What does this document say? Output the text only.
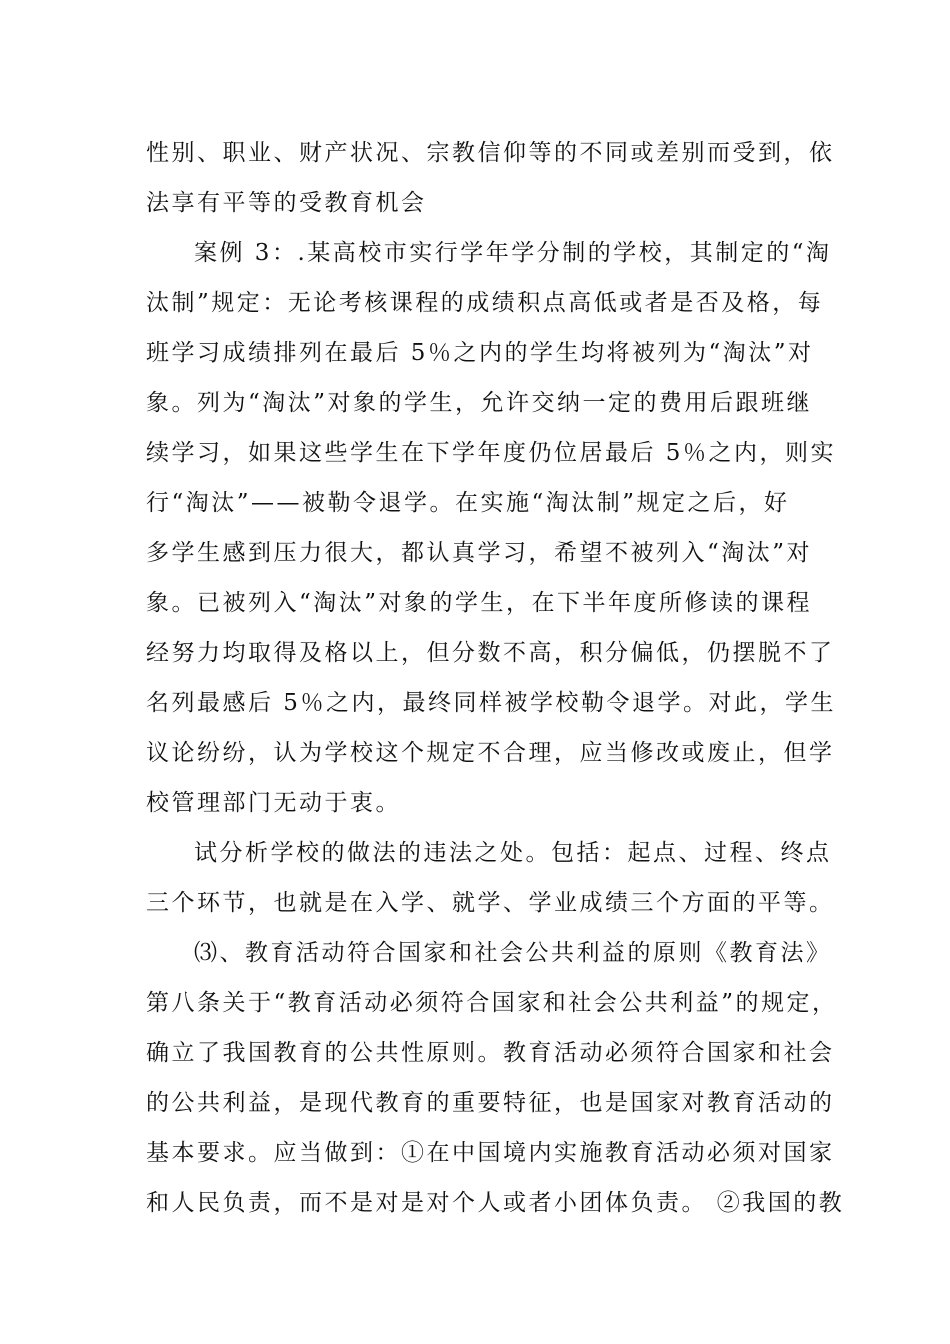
性别、职业、财产状况、宗教信仰等的不同或差别而受到，依
法享有平等的受教育机会
案例 3：.某高校市实行学年学分制的学校，其制定的“淘
汰制”规定：无论考核课程的成绩积点高低或者是否及格，每
班学习成绩排列在最后 5％之内的学生均将被列为“淘汰”对
象。列为“淘汰”对象的学生，允许交纳一定的费用后跟班继
续学习，如果这些学生在下学年度仍位居最后 5％之内，则实
行“淘汰”——被勒令退学。在实施“淘汰制”规定之后，好
多学生感到压力很大，都认真学习，希望不被列入“淘汰”对
象。已被列入“淘汰”对象的学生，在下半年度所修读的课程
经努力均取得及格以上，但分数不高，积分偏低，仍摆脱不了
名列最感后 5％之内，最终同样被学校勒令退学。对此，学生
议论纷纷，认为学校这个规定不合理，应当修改或废止，但学
校管理部门无动于衷。
试分析学校的做法的违法之处。包括：起点、过程、终点
三个环节，也就是在入学、就学、学业成绩三个方面的平等。
⑶、教育活动符合国家和社会公共利益的原则《教育法》
第八条关于“教育活动必须符合国家和社会公共利益”的规定，
确立了我国教育的公共性原则。教育活动必须符合国家和社会
的公共利益，是现代教育的重要特征，也是国家对教育活动的
基本要求。应当做到：①在中国境内实施教育活动必须对国家
和人民负责，而不是对是对个人或者小团体负责。 ②我国的教
